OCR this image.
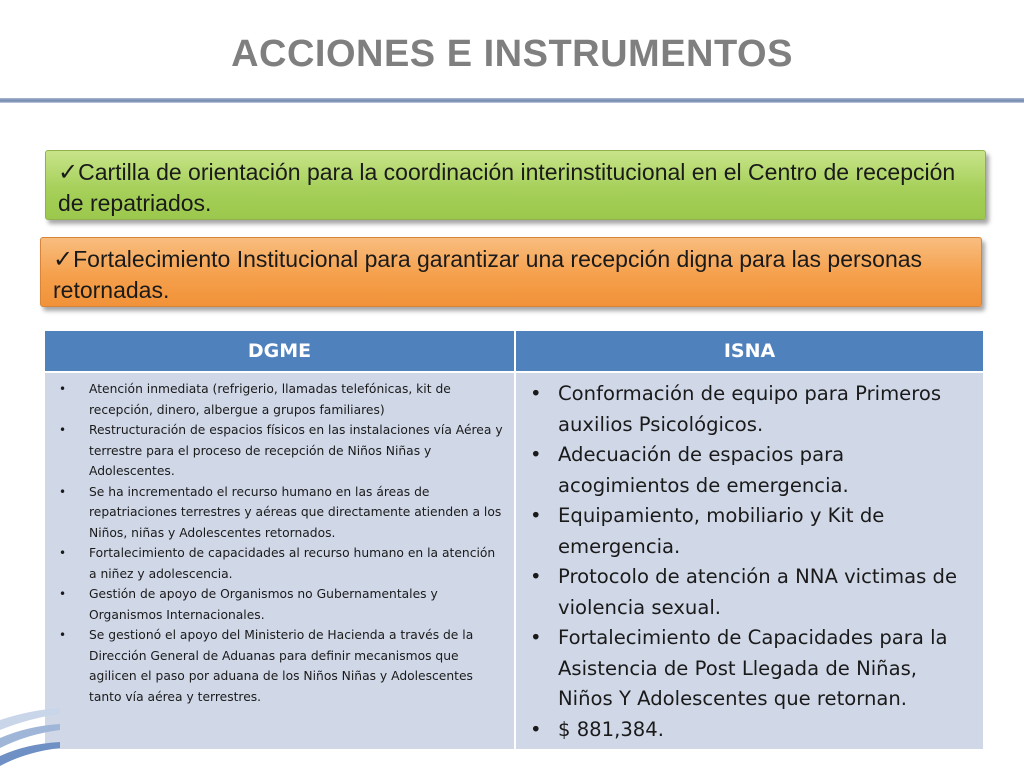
ACCIONES E INSTRUMENTOS
✓Cartilla de orientación para la coordinación interinstitucional en el Centro de recepción de repatriados.
✓Fortalecimiento Institucional para garantizar una recepción digna para las personas retornadas.
DGME	ISNA
• Atención inmediata (refrigerio, llamadas telefónicas, kit de recepción, dinero, albergue a grupos familiares)
• Restructuración de espacios físicos en las instalaciones vía Aérea y terrestre para el proceso de recepción de Niños Niñas y Adolescentes.
• Se ha incrementado el recurso humano en las áreas de repatriaciones terrestres y aéreas que directamente atienden a los Niños, niñas y Adolescentes retornados.
• Fortalecimiento de capacidades al recurso humano en la atención a niñez y adolescencia.
• Gestión de apoyo de Organismos no Gubernamentales y Organismos Internacionales.
• Se gestionó el apoyo del Ministerio de Hacienda a través de la Dirección General de Aduanas para definir mecanismos que agilicen el paso por aduana de los Niños Niñas y Adolescentes tanto vía aérea y terrestres.
• Conformación de equipo para Primeros auxilios Psicológicos.
• Adecuación de espacios para acogimientos de emergencia.
• Equipamiento, mobiliario y Kit de emergencia.
• Protocolo de atención a NNA victimas de violencia sexual.
• Fortalecimiento de Capacidades para la Asistencia de Post Llegada de Niñas, Niños Y Adolescentes que retornan.
• $ 881,384.
